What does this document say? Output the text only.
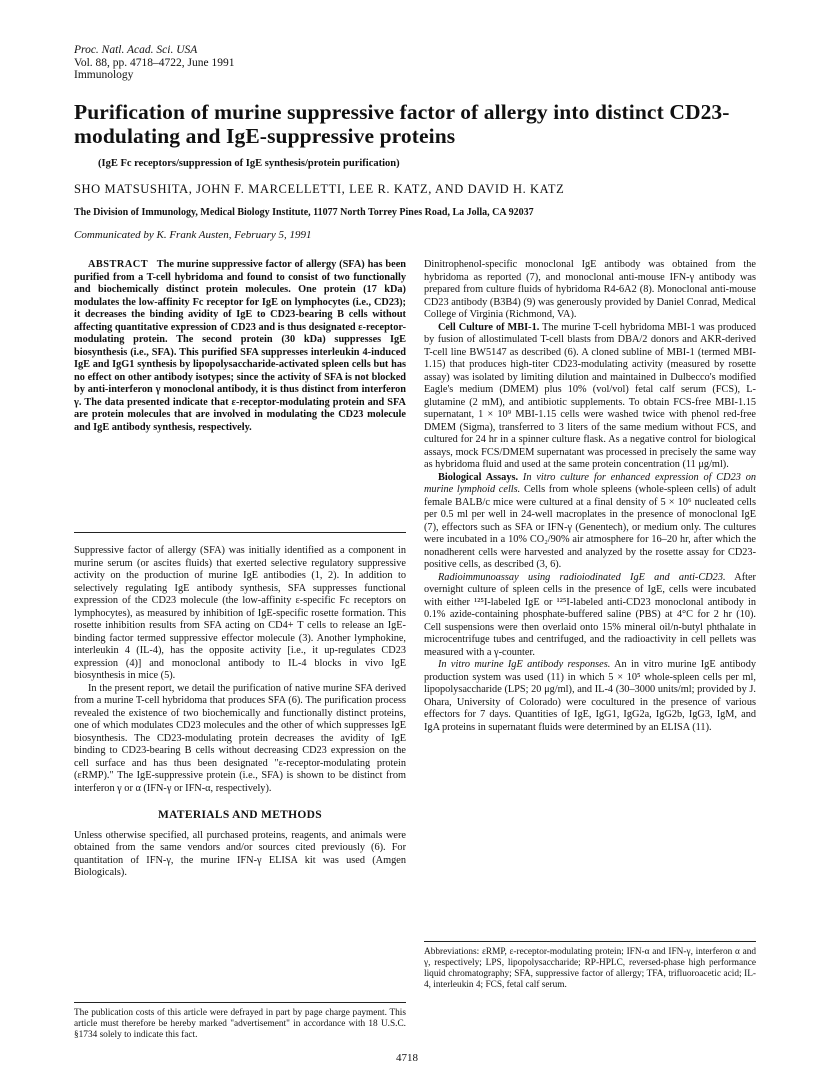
Proc. Natl. Acad. Sci. USA
Vol. 88, pp. 4718–4722, June 1991
Immunology
Purification of murine suppressive factor of allergy into distinct CD23-modulating and IgE-suppressive proteins
(IgE Fc receptors/suppression of IgE synthesis/protein purification)
SHO MATSUSHITA, JOHN F. MARCELLETTI, LEE R. KATZ, AND DAVID H. KATZ
The Division of Immunology, Medical Biology Institute, 11077 North Torrey Pines Road, La Jolla, CA 92037
Communicated by K. Frank Austen, February 5, 1991

ABSTRACT The murine suppressive factor of allergy (SFA) has been purified from a T-cell hybridoma and found to consist of two functionally and biochemically distinct protein molecules. One protein (17 kDa) modulates the low-affinity Fc receptor for IgE on lymphocytes (i.e., CD23); it decreases the binding avidity of IgE to CD23-bearing B cells without affecting quantitative expression of CD23 and is thus designated ε-receptor-modulating protein. The second protein (30 kDa) suppresses IgE biosynthesis (i.e., SFA). This purified SFA suppresses interleukin 4-induced IgE and IgG1 synthesis by lipopolysaccharide-activated spleen cells but has no effect on other antibody isotypes; since the activity of SFA is not blocked by anti-interferon γ monoclonal antibody, it is thus distinct from interferon γ. The data presented indicate that ε-receptor-modulating protein and SFA are protein molecules that are involved in modulating the CD23 molecule and IgE antibody synthesis, respectively.

Suppressive factor of allergy (SFA) was initially identified as a component in murine serum (or ascites fluids) that exerted selective regulatory suppressive activity on the production of murine IgE antibodies (1, 2). In addition to selectively regulating IgE antibody synthesis, SFA suppresses functional expression of the CD23 molecule (the low-affinity ε-specific Fc receptors on lymphocytes), as measured by inhibition of IgE-specific rosette formation. This rosette inhibition results from SFA acting on CD4+ T cells to release an IgE-binding factor termed suppressive effector molecule (3). Another lymphokine, interleukin 4 (IL-4), has the opposite activity [i.e., it up-regulates CD23 expression (4)] and monoclonal antibody to IL-4 blocks in vivo IgE biosynthesis in mice (5).

In the present report, we detail the purification of native murine SFA derived from a murine T-cell hybridoma that produces SFA (6). The purification process revealed the existence of two biochemically and functionally distinct proteins, one of which modulates CD23 molecules and the other of which suppresses IgE biosynthesis. The CD23-modulating protein decreases the avidity of IgE binding to CD23-bearing B cells without decreasing CD23 expression on the cell surface and has thus been designated "ε-receptor-modulating protein (εRMP)." The IgE-suppressive protein (i.e., SFA) is shown to be distinct from interferon γ or α (IFN-γ or IFN-α, respectively).

MATERIALS AND METHODS

Unless otherwise specified, all purchased proteins, reagents, and animals were obtained from the same vendors and/or sources cited previously (6). For quantitation of IFN-γ, the murine IFN-γ ELISA kit was used (Amgen Biologicals).

The publication costs of this article were defrayed in part by page charge payment. This article must therefore be hereby marked "advertisement" in accordance with 18 U.S.C. §1734 solely to indicate this fact.

Dinitrophenol-specific monoclonal IgE antibody was obtained from the hybridoma as reported (7), and monoclonal anti-mouse IFN-γ antibody was prepared from culture fluids of hybridoma R4-6A2 (8). Monoclonal anti-mouse CD23 antibody (B3B4) (9) was generously provided by Daniel Conrad, Medical College of Virginia (Richmond, VA).

Cell Culture of MBI-1. The murine T-cell hybridoma MBI-1 was produced by fusion of allostimulated T-cell blasts from DBA/2 donors and AKR-derived T-cell line BW5147 as described (6). A cloned subline of MBI-1 (termed MBI-1.15) that produces high-titer CD23-modulating activity (measured by rosette assay) was isolated by limiting dilution and maintained in Dulbecco's modified Eagle's medium (DMEM) plus 10% (vol/vol) fetal calf serum (FCS), L-glutamine (2 mM), and antibiotic supplements. To obtain FCS-free MBI-1.15 supernatant, 1 × 10⁹ MBI-1.15 cells were washed twice with phenol red-free DMEM (Sigma), transferred to 3 liters of the same medium without FCS, and cultured for 24 hr in a spinner culture flask. As a negative control for biological assays, mock FCS/DMEM supernatant was processed in precisely the same way as hybridoma fluid and used at the same protein concentration (11 μg/ml).

Biological Assays. In vitro culture for enhanced expression of CD23 on murine lymphoid cells. Cells from whole spleens (whole-spleen cells) of adult female BALB/c mice were cultured at a final density of 5 × 10⁶ nucleated cells per 0.5 ml per well in 24-well macroplates in the presence of monoclonal IgE (7), effectors such as SFA or IFN-γ (Genentech), or medium only. The cultures were incubated in a 10% CO₂/90% air atmosphere for 16–20 hr, after which the nonadherent cells were harvested and analyzed by the rosette assay for CD23-positive cells, as described (3, 6).

Radioimmunoassay using radioiodinated IgE and anti-CD23. After overnight culture of spleen cells in the presence of IgE, cells were incubated with either ¹²⁵I-labeled IgE or ¹²⁵I-labeled anti-CD23 monoclonal antibody in 0.1% azide-containing phosphate-buffered saline (PBS) at 4°C for 2 hr (10). Cell suspensions were then overlaid onto 15% mineral oil/n-butyl phthalate in microcentrifuge tubes and centrifuged, and the radioactivity in cell pellets was measured with a γ-counter.

In vitro murine IgE antibody responses. An in vitro murine IgE antibody production system was used (11) in which 5 × 10⁵ whole-spleen cells per ml, lipopolysaccharide (LPS; 20 μg/ml), and IL-4 (30–3000 units/ml; provided by J. Ohara, University of Colorado) were cocultured in the presence of various effectors for 7 days. Quantities of IgE, IgG1, IgG2a, IgG2b, IgG3, IgM, and IgA proteins in supernatant fluids were determined by an ELISA (11).

Abbreviations: εRMP, ε-receptor-modulating protein; IFN-α and IFN-γ, interferon α and γ, respectively; LPS, lipopolysaccharide; RP-HPLC, reversed-phase high performance liquid chromatography; SFA, suppressive factor of allergy; TFA, trifluoroacetic acid; IL-4, interleukin 4; FCS, fetal calf serum.
4718
